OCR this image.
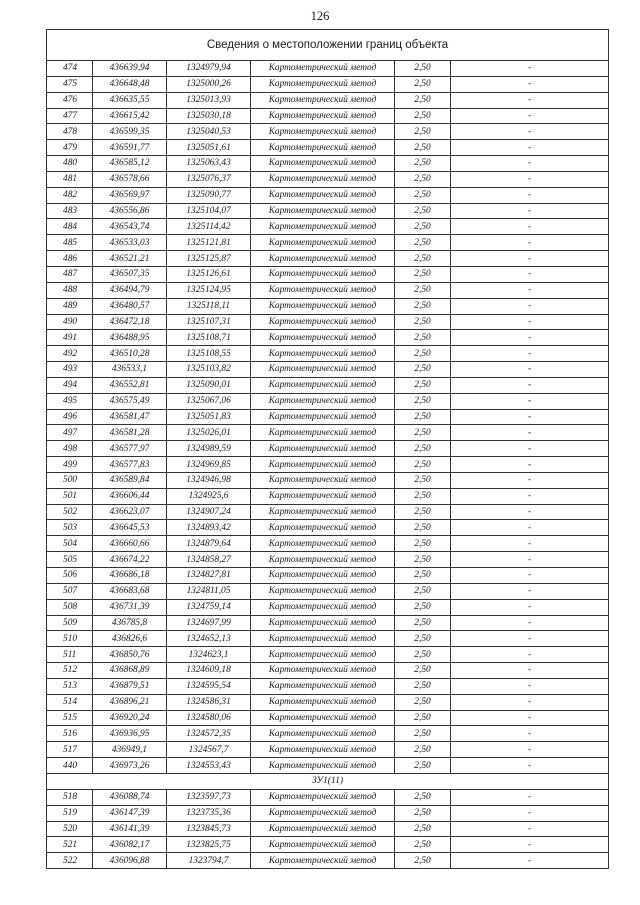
126
Сведения о местоположении границ объекта					
474	436639,94	1324979,94	Картометрический метод	2,50	-
475	436648,48	1325000,26	Картометрический метод	2,50	-
476	436635,55	1325013,93	Картометрический метод	2,50	-
477	436615,42	1325030,18	Картометрический метод	2,50	-
478	436599,35	1325040,53	Картометрический метод	2,50	-
479	436591,77	1325051,61	Картометрический метод	2,50	-
480	436585,12	1325063,43	Картометрический метод	2,50	-
481	436578,66	1325076,37	Картометрический метод	2,50	-
482	436569,97	1325090,77	Картометрический метод	2,50	-
483	436556,86	1325104,07	Картометрический метод	2,50	-
484	436543,74	1325114,42	Картометрический метод	2,50	-
485	436533,03	1325121,81	Картометрический метод	2,50	-
486	436521,21	1325125,87	Картометрический метод	2,50	-
487	436507,35	1325126,61	Картометрический метод	2,50	-
488	436494,79	1325124,95	Картометрический метод	2,50	-
489	436480,57	1325118,11	Картометрический метод	2,50	-
490	436472,18	1325107,31	Картометрический метод	2,50	-
491	436488,95	1325108,71	Картометрический метод	2,50	-
492	436510,28	1325108,55	Картометрический метод	2,50	-
493	436533,1	1325103,82	Картометрический метод	2,50	-
494	436552,81	1325090,01	Картометрический метод	2,50	-
495	436575,49	1325067,06	Картометрический метод	2,50	-
496	436581,47	1325051,83	Картометрический метод	2,50	-
497	436581,28	1325026,01	Картометрический метод	2,50	-
498	436577,97	1324989,59	Картометрический метод	2,50	-
499	436577,83	1324969,85	Картометрический метод	2,50	-
500	436589,84	1324946,98	Картометрический метод	2,50	-
501	436606,44	1324925,6	Картометрический метод	2,50	-
502	436623,07	1324907,24	Картометрический метод	2,50	-
503	436645,53	1324893,42	Картометрический метод	2,50	-
504	436660,66	1324879,64	Картометрический метод	2,50	-
505	436674,22	1324858,27	Картометрический метод	2,50	-
506	436686,18	1324827,81	Картометрический метод	2,50	-
507	436683,68	1324811,05	Картометрический метод	2,50	-
508	436731,39	1324759,14	Картометрический метод	2,50	-
509	436785,8	1324697,99	Картометрический метод	2,50	-
510	436826,6	1324652,13	Картометрический метод	2,50	-
511	436850,76	1324623,1	Картометрический метод	2,50	-
512	436868,89	1324609,18	Картометрический метод	2,50	-
513	436879,51	1324595,54	Картометрический метод	2,50	-
514	436896,21	1324586,31	Картометрический метод	2,50	-
515	436920,24	1324580,06	Картометрический метод	2,50	-
516	436936,95	1324572,35	Картометрический метод	2,50	-
517	436949,1	1324567,7	Картометрический метод	2,50	-
440	436973,26	1324553,43	Картометрический метод	2,50	-
ЗУ1(11)					
518	436088,74	1323597,73	Картометрический метод	2,50	-
519	436147,39	1323735,36	Картометрический метод	2,50	-
520	436141,39	1323845,73	Картометрический метод	2,50	-
521	436082,17	1323825,75	Картометрический метод	2,50	-
522	436096,88	1323794,7	Картометрический метод	2,50	-
